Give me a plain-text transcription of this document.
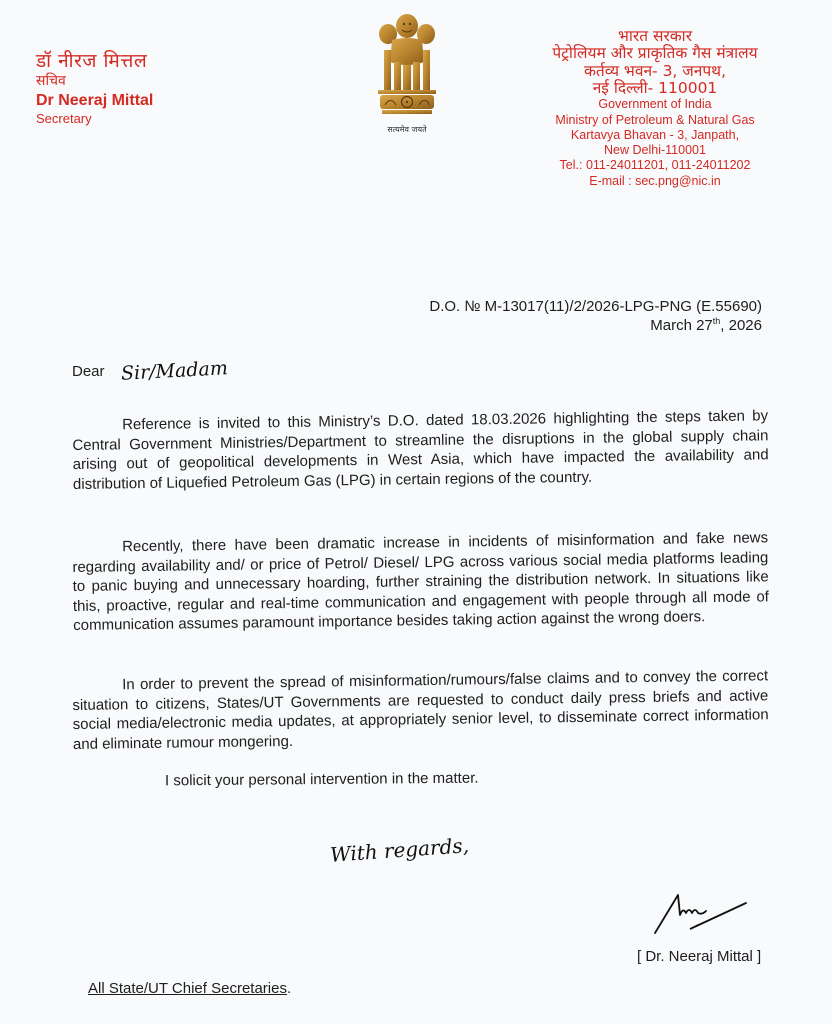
डॉ नीरज मित्तल
सचिव
Dr Neeraj Mittal
Secretary
सत्यमेव जयते
भारत सरकार
पेट्रोलियम और प्राकृतिक गैस मंत्रालय
कर्तव्य भवन- 3, जनपथ,
नई दिल्ली- 110001
Government of India
Ministry of Petroleum & Natural Gas
Kartavya Bhavan - 3, Janpath,
New Delhi-110001
Tel.: 011-24011201, 011-24011202
E-mail : sec.png@nic.in
D.O. № M-13017(11)/2/2026-LPG-PNG (E.55690)
March 27th, 2026
Dear Sir/Madam

Reference is invited to this Ministry’s D.O. dated 18.03.2026 highlighting the steps taken by Central Government Ministries/Department to streamline the disruptions in the global supply chain arising out of geopolitical developments in West Asia, which have impacted the availability and distribution of Liquefied Petroleum Gas (LPG) in certain regions of the country.

Recently, there have been dramatic increase in incidents of misinformation and fake news regarding availability and/ or price of Petrol/ Diesel/ LPG across various social media platforms leading to panic buying and unnecessary hoarding, further straining the distribution network. In situations like this, proactive, regular and real-time communication and engagement with people through all mode of communication assumes paramount importance besides taking action against the wrong doers.

In order to prevent the spread of misinformation/rumours/false claims and to convey the correct situation to citizens, States/UT Governments are requested to conduct daily press briefs and active social media/electronic media updates, at appropriately senior level, to disseminate correct information and eliminate rumour mongering.

I solicit your personal intervention in the matter.
With regards,
[ Dr. Neeraj Mittal ]
All State/UT Chief Secretaries.
